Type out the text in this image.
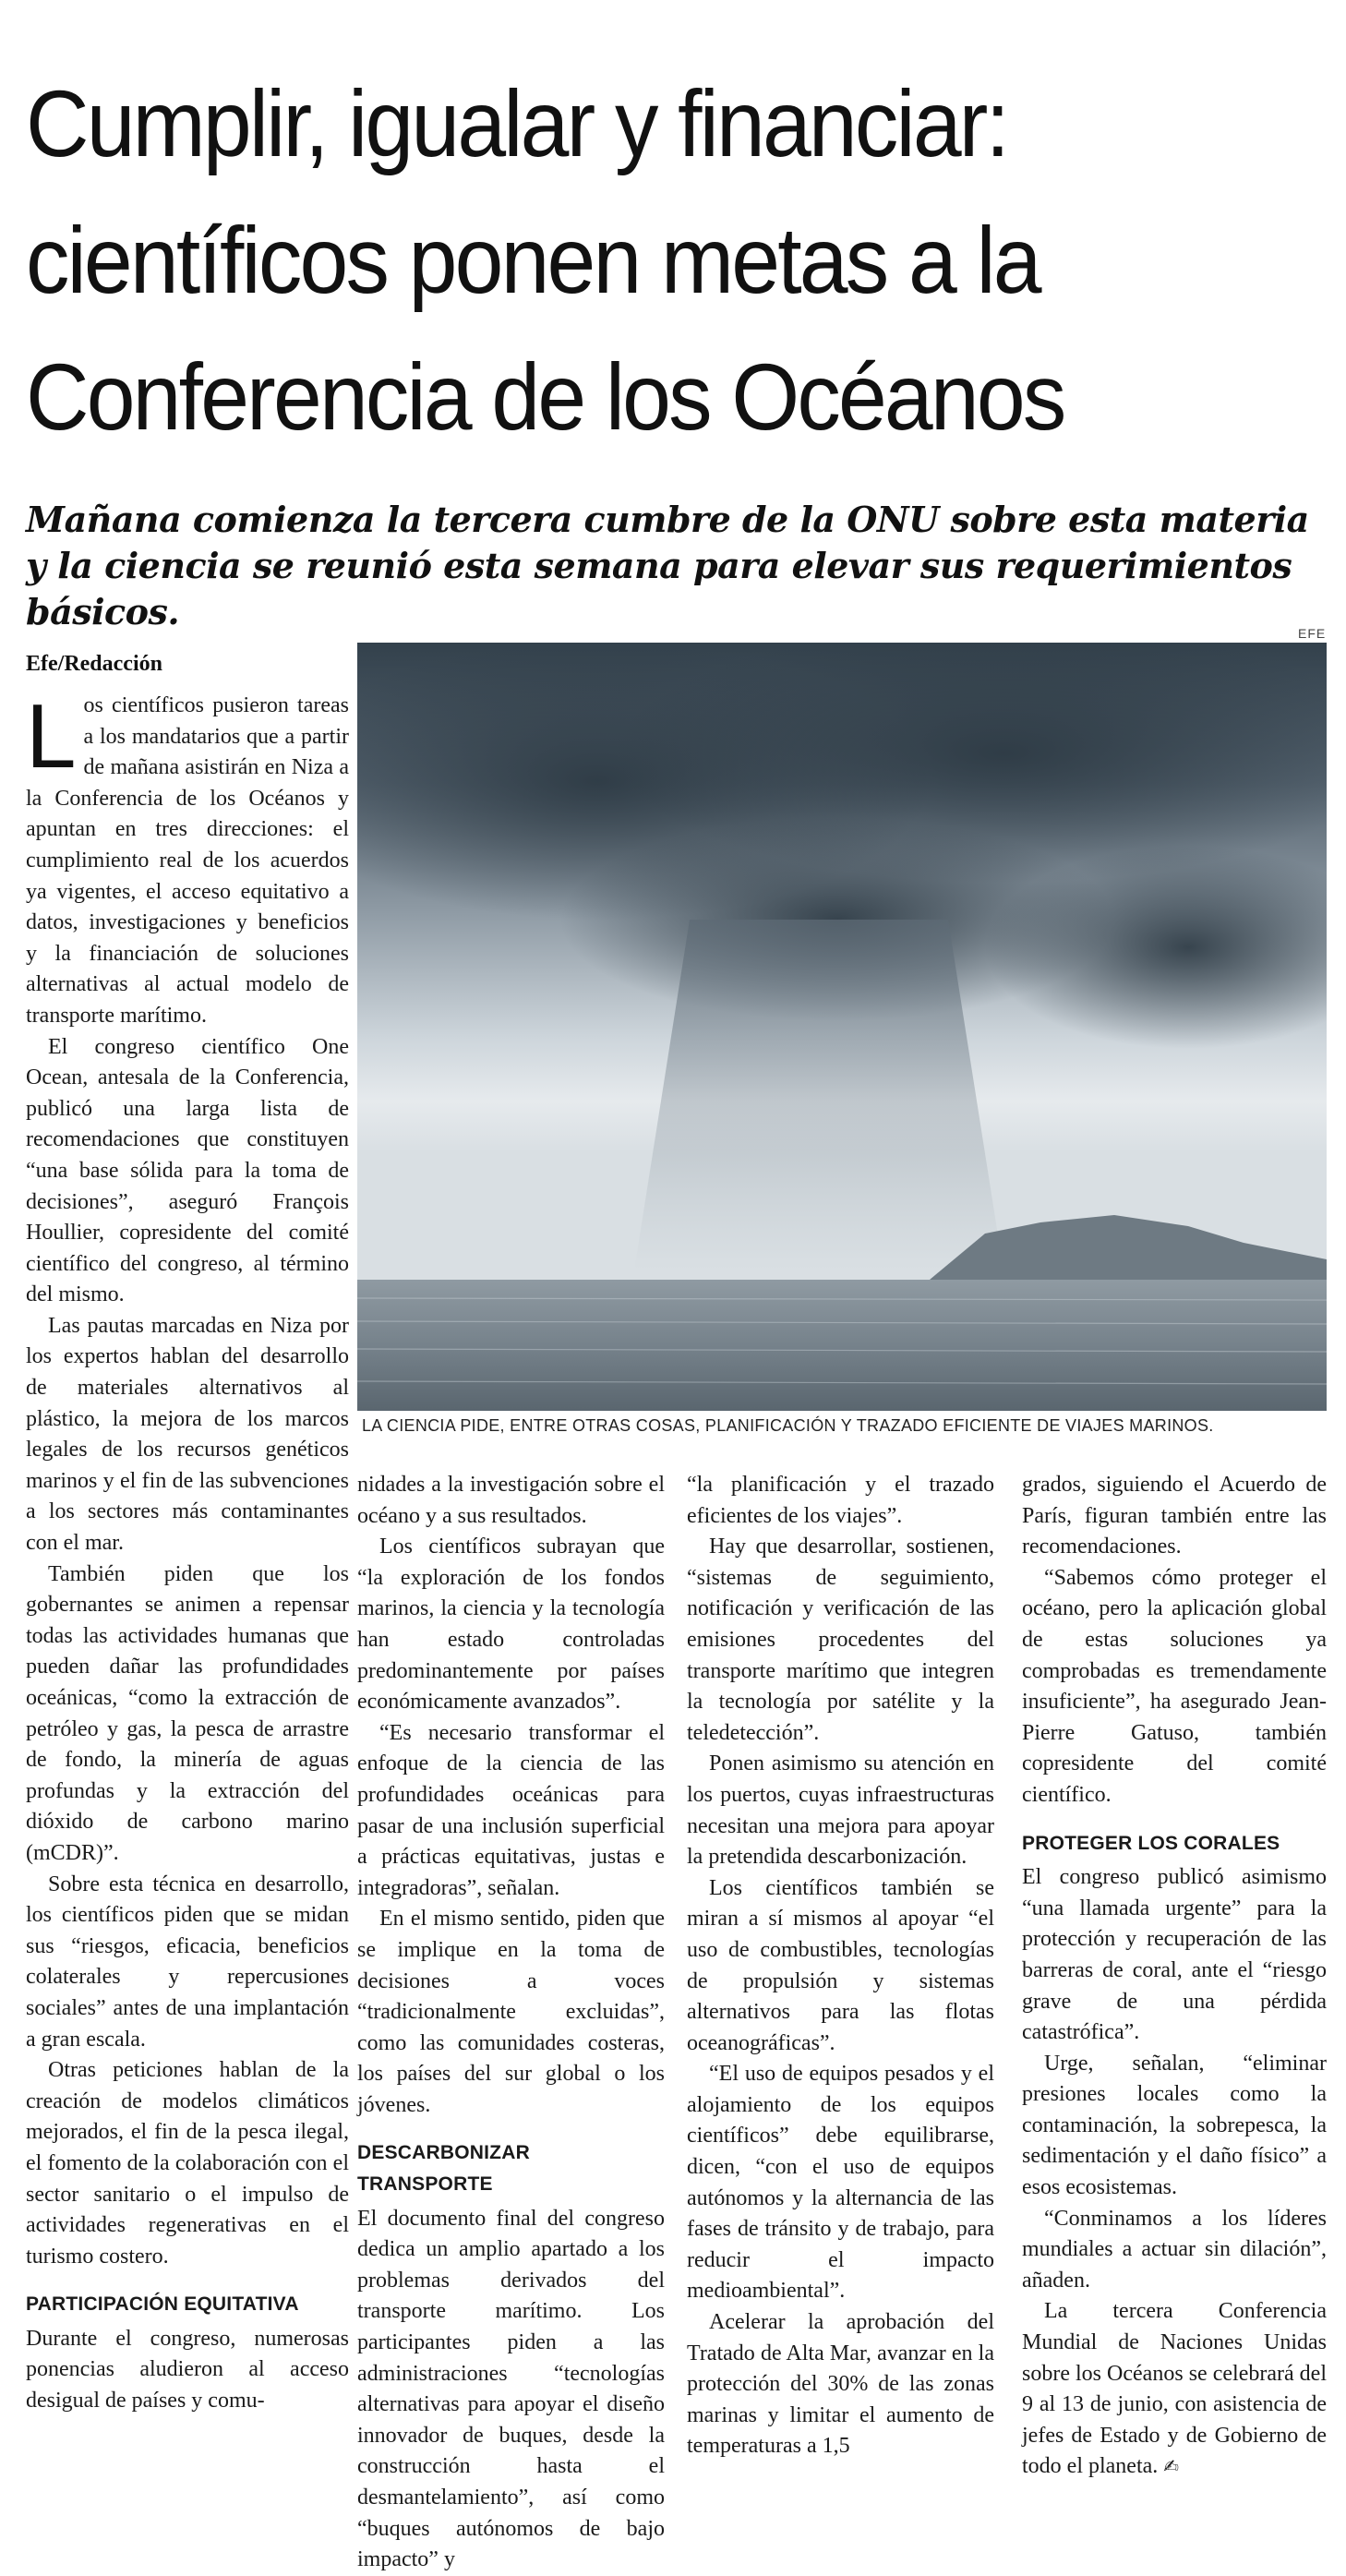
Cumplir, igualar y financiar:
científicos ponen metas a la
Conferencia de los Océanos
Mañana comienza la tercera cumbre de la ONU sobre esta materia y la ciencia se reunió esta semana para elevar sus requerimientos básicos.
Efe/Redacción
EFE
LA CIENCIA PIDE, ENTRE OTRAS COSAS, PLANIFICACIÓN Y TRAZADO EFICIENTE DE VIAJES MARINOS.

Los científicos pusieron tareas a los mandatarios que a partir de mañana asistirán en Niza a la Conferencia de los Océanos y apuntan en tres direcciones: el cumplimiento real de los acuerdos ya vigentes, el acceso equitativo a datos, investigaciones y beneficios y la financiación de soluciones alternativas al actual modelo de transporte marítimo.

El congreso científico One Ocean, antesala de la Conferencia, publicó una larga lista de recomendaciones que constituyen “una base sólida para la toma de decisiones”, aseguró François Houllier, copresidente del comité científico del congreso, al término del mismo.

Las pautas marcadas en Niza por los expertos hablan del desarrollo de materiales alternativos al plástico, la mejora de los marcos legales de los recursos genéticos marinos y el fin de las subvenciones a los sectores más contaminantes con el mar.

También piden que los gobernantes se animen a repensar todas las actividades humanas que pueden dañar las profundidades oceánicas, “como la extracción de petróleo y gas, la pesca de arrastre de fondo, la minería de aguas profundas y la extracción del dióxido de carbono marino (mCDR)”.

Sobre esta técnica en desarrollo, los científicos piden que se midan sus “riesgos, eficacia, beneficios colaterales y repercusiones sociales” antes de una implantación a gran escala.

Otras peticiones hablan de la creación de modelos climáticos mejorados, el fin de la pesca ilegal, el fomento de la colaboración con el sector sanitario o el impulso de actividades regenerativas en el turismo costero.

PARTICIPACIÓN EQUITATIVA

Durante el congreso, numerosas ponencias aludieron al acceso desigual de países y comu-

nidades a la investigación sobre el océano y a sus resultados.

Los científicos subrayan que “la exploración de los fondos marinos, la ciencia y la tecnología han estado controladas predominantemente por países económicamente avanzados”.

“Es necesario transformar el enfoque de la ciencia de las profundidades oceánicas para pasar de una inclusión superficial a prácticas equitativas, justas e integradoras”, señalan.

En el mismo sentido, piden que se implique en la toma de decisiones a voces “tradicionalmente excluidas”, como las comunidades costeras, los países del sur global o los jóvenes.

DESCARBONIZAR TRANSPORTE

El documento final del congreso dedica un amplio apartado a los problemas derivados del transporte marítimo. Los participantes piden a las administraciones “tecnologías alternativas para apoyar el diseño innovador de buques, desde la construcción hasta el desmantelamiento”, así como “buques autónomos de bajo impacto” y

“la planificación y el trazado eficientes de los viajes”.

Hay que desarrollar, sostienen, “sistemas de seguimiento, notificación y verificación de las emisiones procedentes del transporte marítimo que integren la tecnología por satélite y la teledetección”.

Ponen asimismo su atención en los puertos, cuyas infraestructuras necesitan una mejora para apoyar la pretendida descarbonización.

Los científicos también se miran a sí mismos al apoyar “el uso de combustibles, tecnologías de propulsión y sistemas alternativos para las flotas oceanográficas”.

“El uso de equipos pesados y el alojamiento de los equipos científicos” debe equilibrarse, dicen, “con el uso de equipos autónomos y la alternancia de las fases de tránsito y de trabajo, para reducir el impacto medioambiental”.

Acelerar la aprobación del Tratado de Alta Mar, avanzar en la protección del 30% de las zonas marinas y limitar el aumento de temperaturas a 1,5

grados, siguiendo el Acuerdo de París, figuran también entre las recomendaciones.

“Sabemos cómo proteger el océano, pero la aplicación global de estas soluciones ya comprobadas es tremendamente insuficiente”, ha asegurado Jean-Pierre Gatuso, también copresidente del comité científico.

PROTEGER LOS CORALES

El congreso publicó asimismo “una llamada urgente” para la protección y recuperación de las barreras de coral, ante el “riesgo grave de una pérdida catastrófica”.

Urge, señalan, “eliminar presiones locales como la contaminación, la sobrepesca, la sedimentación y el daño físico” a esos ecosistemas.

“Conminamos a los líderes mundiales a actuar sin dilación”, añaden.

La tercera Conferencia Mundial de Naciones Unidas sobre los Océanos se celebrará del 9 al 13 de junio, con asistencia de jefes de Estado y de Gobierno de todo el planeta. ✍
